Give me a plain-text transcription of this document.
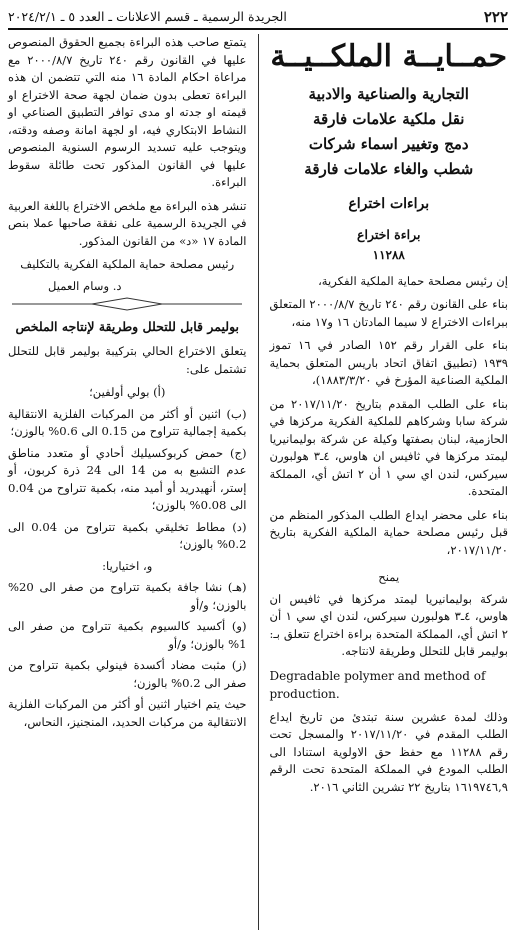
٢٢٢
الجريدة الرسمية ـ قسم الاعلانات ـ العدد ٥ ـ ٢٠٢٤/٢/١
حمــايــة الملكــيــة
التجارية والصناعية والادبية
نقل ملكية علامات فارقة
دمج وتغيير اسماء شركات
شطب والغاء علامات فارقة
براءات اختراع
براءة اختراع
١١٢٨٨

إن رئيس مصلحة حماية الملكية الفكرية،

بناء على القانون رقم ٢٤٠ تاريخ ٢٠٠٠/٨/٧ المتعلق ببراءات الاختراع لا سيما المادتان ١٦ و١٧ منه،

بناء على القرار رقم ١٥٢ الصادر في ١٦ تموز ١٩٣٩ (تطبيق اتفاق اتحاد باريس المتعلق بحماية الملكية الصناعية المؤرخ في ١٨٨٣/٣/٢٠)،

بناء على الطلب المقدم بتاريخ ٢٠١٧/١١/٢٠ من شركة سابا وشركاهم للملكية الفكرية مركزها في الحازمية، لبنان بصفتها وكيلة عن شركة بوليمانيريا ليمتد مركزها في ثافيس ان هاوس، ٤ـ٣ هولبورن سيركس، لندن اي سي ١ أن ٢ اتش أي، المملكة المتحدة.

بناء على محضر ايداع الطلب المذكور المنظم من قبل رئيس مصلحة حماية الملكية الفكرية بتاريخ ٢٠١٧/١١/٢٠،

يمنح

شركة بوليمانيريا ليمتد مركزها في ثافيس ان هاوس، ٤ـ٣ هولبورن سيركس، لندن اي سي ١ أن ٢ اتش أي، المملكة المتحدة براءة اختراع تتعلق بـ: بوليمر قابل للتحلل وطريقة لانتاجه.

Degradable polymer and method of production.

وذلك لمدة عشرين سنة تبتدئ من تاريخ ايداع الطلب المقدم في ٢٠١٧/١١/٢٠ والمسجل تحت رقم ١١٢٨٨ مع حفظ حق الاولوية استنادا الى الطلب المودع في المملكة المتحدة تحت الرقم ١٦١٩٧٤٦,٩ بتاريخ ٢٢ تشرين الثاني ٢٠١٦.

يتمتع صاحب هذه البراءة بجميع الحقوق المنصوص عليها في القانون رقم ٢٤٠ تاريخ ٢٠٠٠/٨/٧ مع مراعاة احكام المادة ١٦ منه التي تتضمن ان هذه البراءة تعطى بدون ضمان لجهة صحة الاختراع او قيمته او جدته او مدى توافر التطبيق الصناعي او النشاط الابتكاري فيه، او لجهة امانة وصفه ودقته، ويتوجب عليه تسديد الرسوم السنوية المنصوص عليها في القانون المذكور تحت طائلة سقوط البراءة.

تنشر هذه البراءة مع ملخص الاختراع باللغة العربية في الجريدة الرسمية على نفقة صاحبها عملا بنص المادة ١٧ «د» من القانون المذكور.

رئيس مصلحة حماية الملكية الفكرية بالتكليف
د. وسام العميل
بوليمر قابل للتحلل وطريقة لإنتاجه الملخص

يتعلق الاختراع الحالي بتركيبة بوليمر قابل للتحلل تشتمل على:

(أ) بولي أولفين؛

(ب) اثنين أو أكثر من المركبات الفلزية الانتقالية بكمية إجمالية تتراوح من 0.15 الى 0.6% بالوزن؛

(ج) حمض كربوكسيليك أحادي أو متعدد مناطق عدم التشبع به من 14 الى 24 ذرة كربون، أو إستر، أنهيدريد أو أميد منه، بكمية تتراوح من 0.04 الى 0.08% بالوزن؛

(د) مطاط تخليقي بكمية تتراوح من 0.04 الى 0.2% بالوزن؛

و، اختياريا:

(هـ) نشا جافة بكمية تتراوح من صفر الى 20% بالوزن؛ و/أو

(و) أكسيد كالسيوم بكمية تتراوح من صفر الى 1% بالوزن؛ و/أو

(ز) مثبت مضاد أكسدة فينولي بكمية تتراوح من صفر الى 0.2% بالوزن؛

حيث يتم اختيار اثنين أو أكثر من المركبات الفلزية الانتقالية من مركبات الحديد، المنجنيز، النحاس،
